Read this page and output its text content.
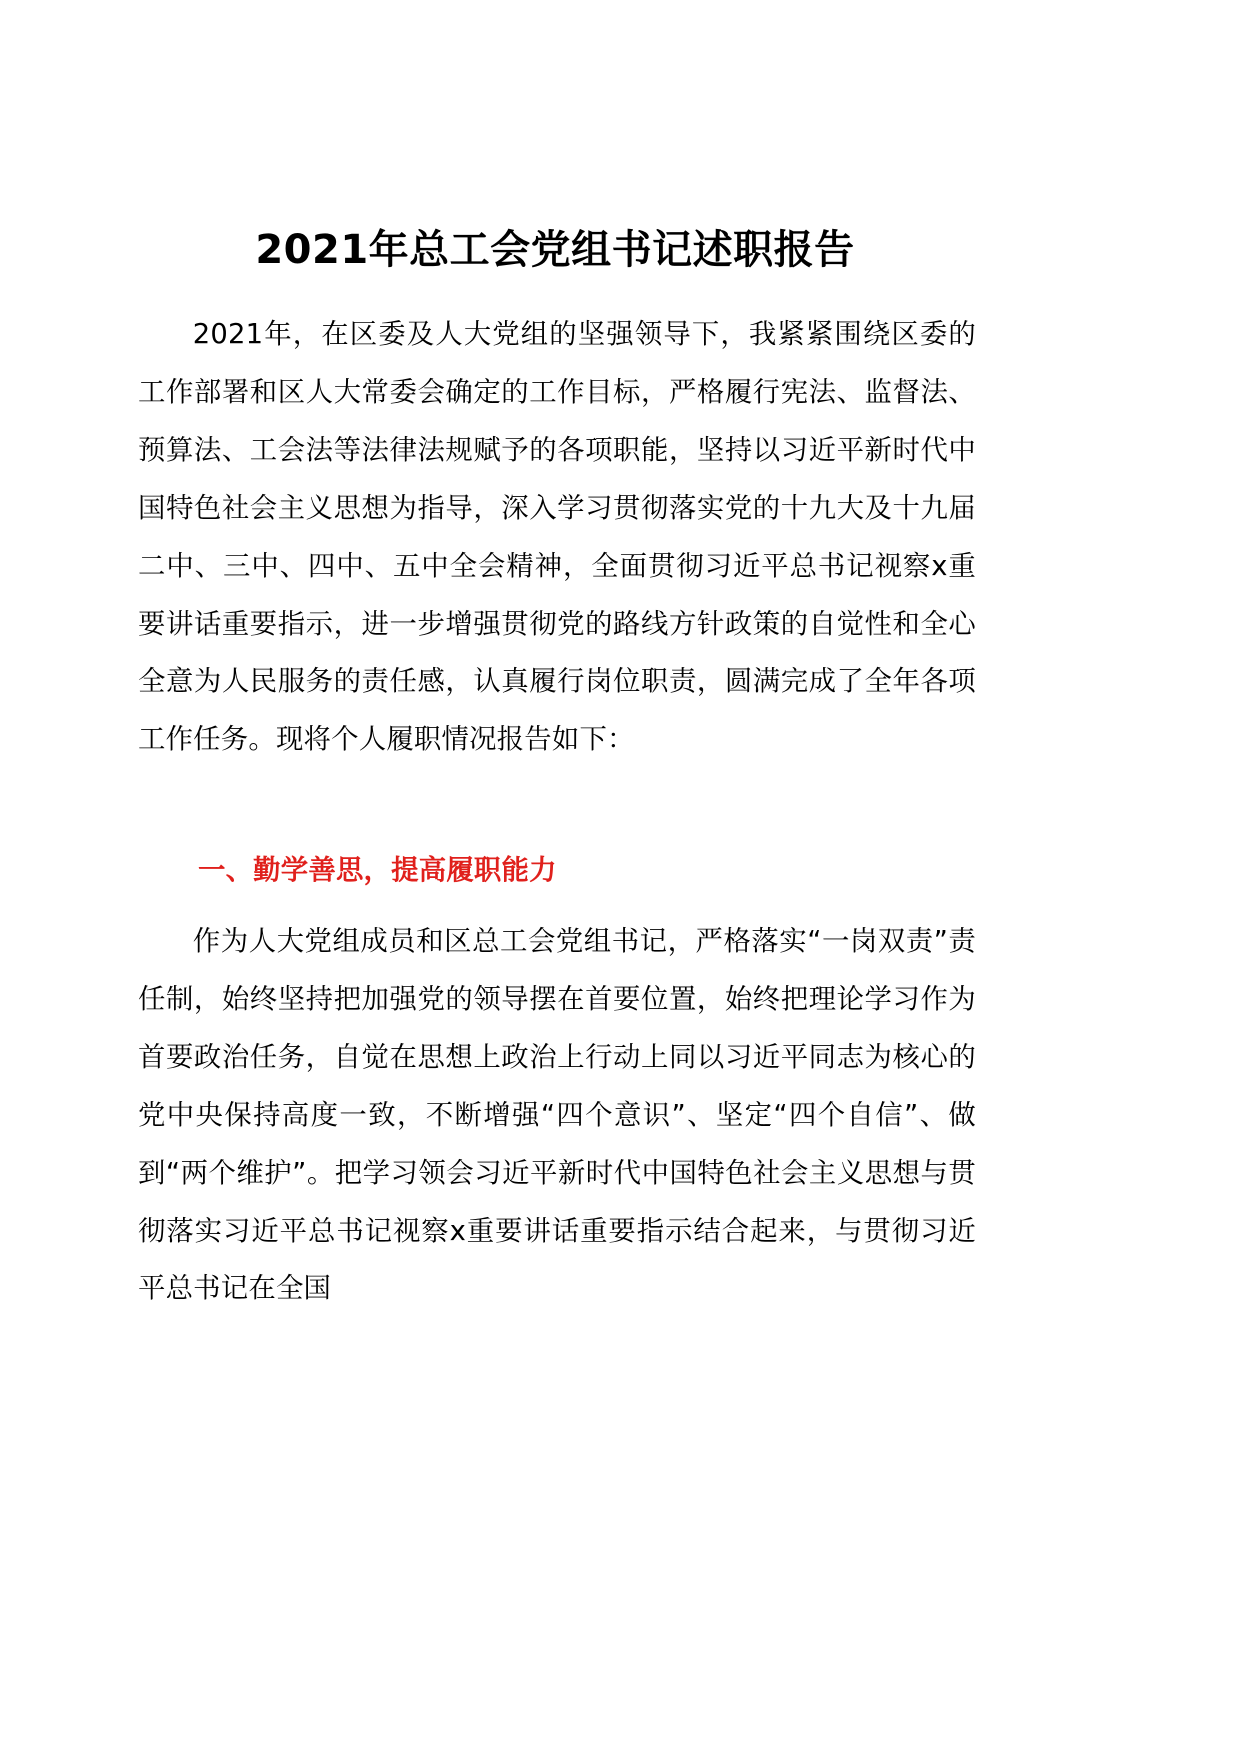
2021年总工会党组书记述职报告

2021年，在区委及人大党组的坚强领导下，我紧紧围绕区委的工作部署和区人大常委会确定的工作目标，严格履行宪法、监督法、预算法、工会法等法律法规赋予的各项职能，坚持以习近平新时代中国特色社会主义思想为指导，深入学习贯彻落实党的十九大及十九届二中、三中、四中、五中全会精神，全面贯彻习近平总书记视察x重要讲话重要指示，进一步增强贯彻党的路线方针政策的自觉性和全心全意为人民服务的责任感，认真履行岗位职责，圆满完成了全年各项工作任务。现将个人履职情况报告如下：

一、勤学善思，提高履职能力

作为人大党组成员和区总工会党组书记，严格落实“一岗双责”责任制，始终坚持把加强党的领导摆在首要位置，始终把理论学习作为首要政治任务，自觉在思想上政治上行动上同以习近平同志为核心的党中央保持高度一致，不断增强“四个意识”、坚定“四个自信”、做到“两个维护”。把学习领会习近平新时代中国特色社会主义思想与贯彻落实习近平总书记视察x重要讲话重要指示结合起来，与贯彻习近平总书记在全国
